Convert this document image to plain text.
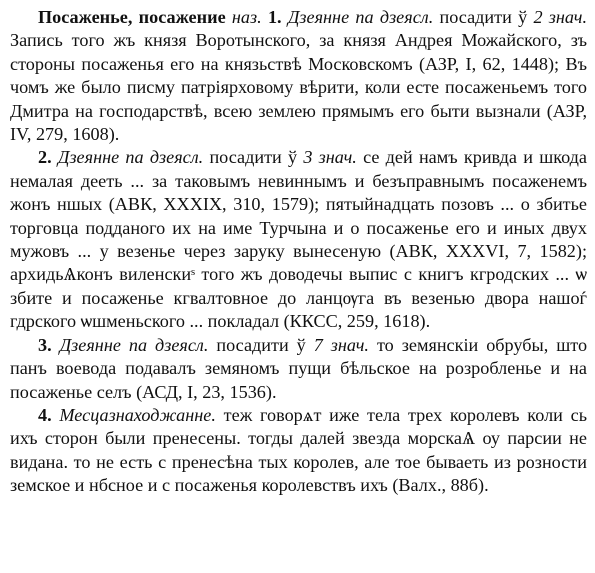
Посаженье, посажение наз. 1. Дзеянне па дзеясл. посадити ў 2 знач. Запись того жъ князя Воротынского, за князя Андрея Можайского, зъ стороны посаженья его на князьствѣ Московскомъ (АЗР, I, 62, 1448); Въ чомъ же было писму патріярховому вѣрити, коли есте посаженьемъ того Дмитра на господарствѣ, всею землею прямымъ его быти вызнали (АЗР, IV, 279, 1608).

2. Дзеянне па дзеясл. посадити ў 3 знач. се дей намъ кривда и шкода немалая дееть ... за таковымъ невиннымъ и безъправнымъ посаженемъ жонъ ншых (АВК, XXXIX, 310, 1579); пятыйнадцать позовъ ... о збитье торговца подданого их на име Турчына и о посаженье его и иных двух мужовъ ... у везенье через заруку вынесеную (АВК, XXXVI, 7, 1582); архидьѦконъ виленскиˢ того жъ доводечы выпис с книгъ кгродских ... ѡ збите и посаженье кгвалтовное до ланцѹга въ везенью двора нашоѓ гдрского ѡшменьского ... покладал (ККСС, 259, 1618).

3. Дзеянне па дзеясл. посадити ў 7 знач. то земянскіи обрубы, што панъ воевода подавалъ земяномъ пущи бѣльское на розробленье и на посаженье селъ (АСД, I, 23, 1536).

4. Месцазнаходжанне. теж говорѧт иже тела трех королевъ коли сь ихъ сторон были пренесены. тогды далей звезда морскаѦ оу парсии не видана. то не есть с пренесѣна тых королев, але тое бываеть из розности земское и нбсное и с посаженья королевствъ ихъ (Валх., 88б).
